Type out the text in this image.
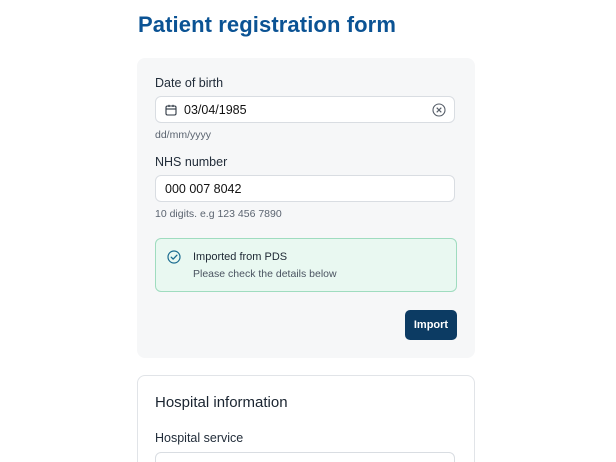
Patient registration form
Date of birth
03/04/1985
dd/mm/yyyy
NHS number
000 007 8042
10 digits. e.g 123 456 7890
Imported from PDS
Please check the details below
Import
Hospital information
Hospital service
